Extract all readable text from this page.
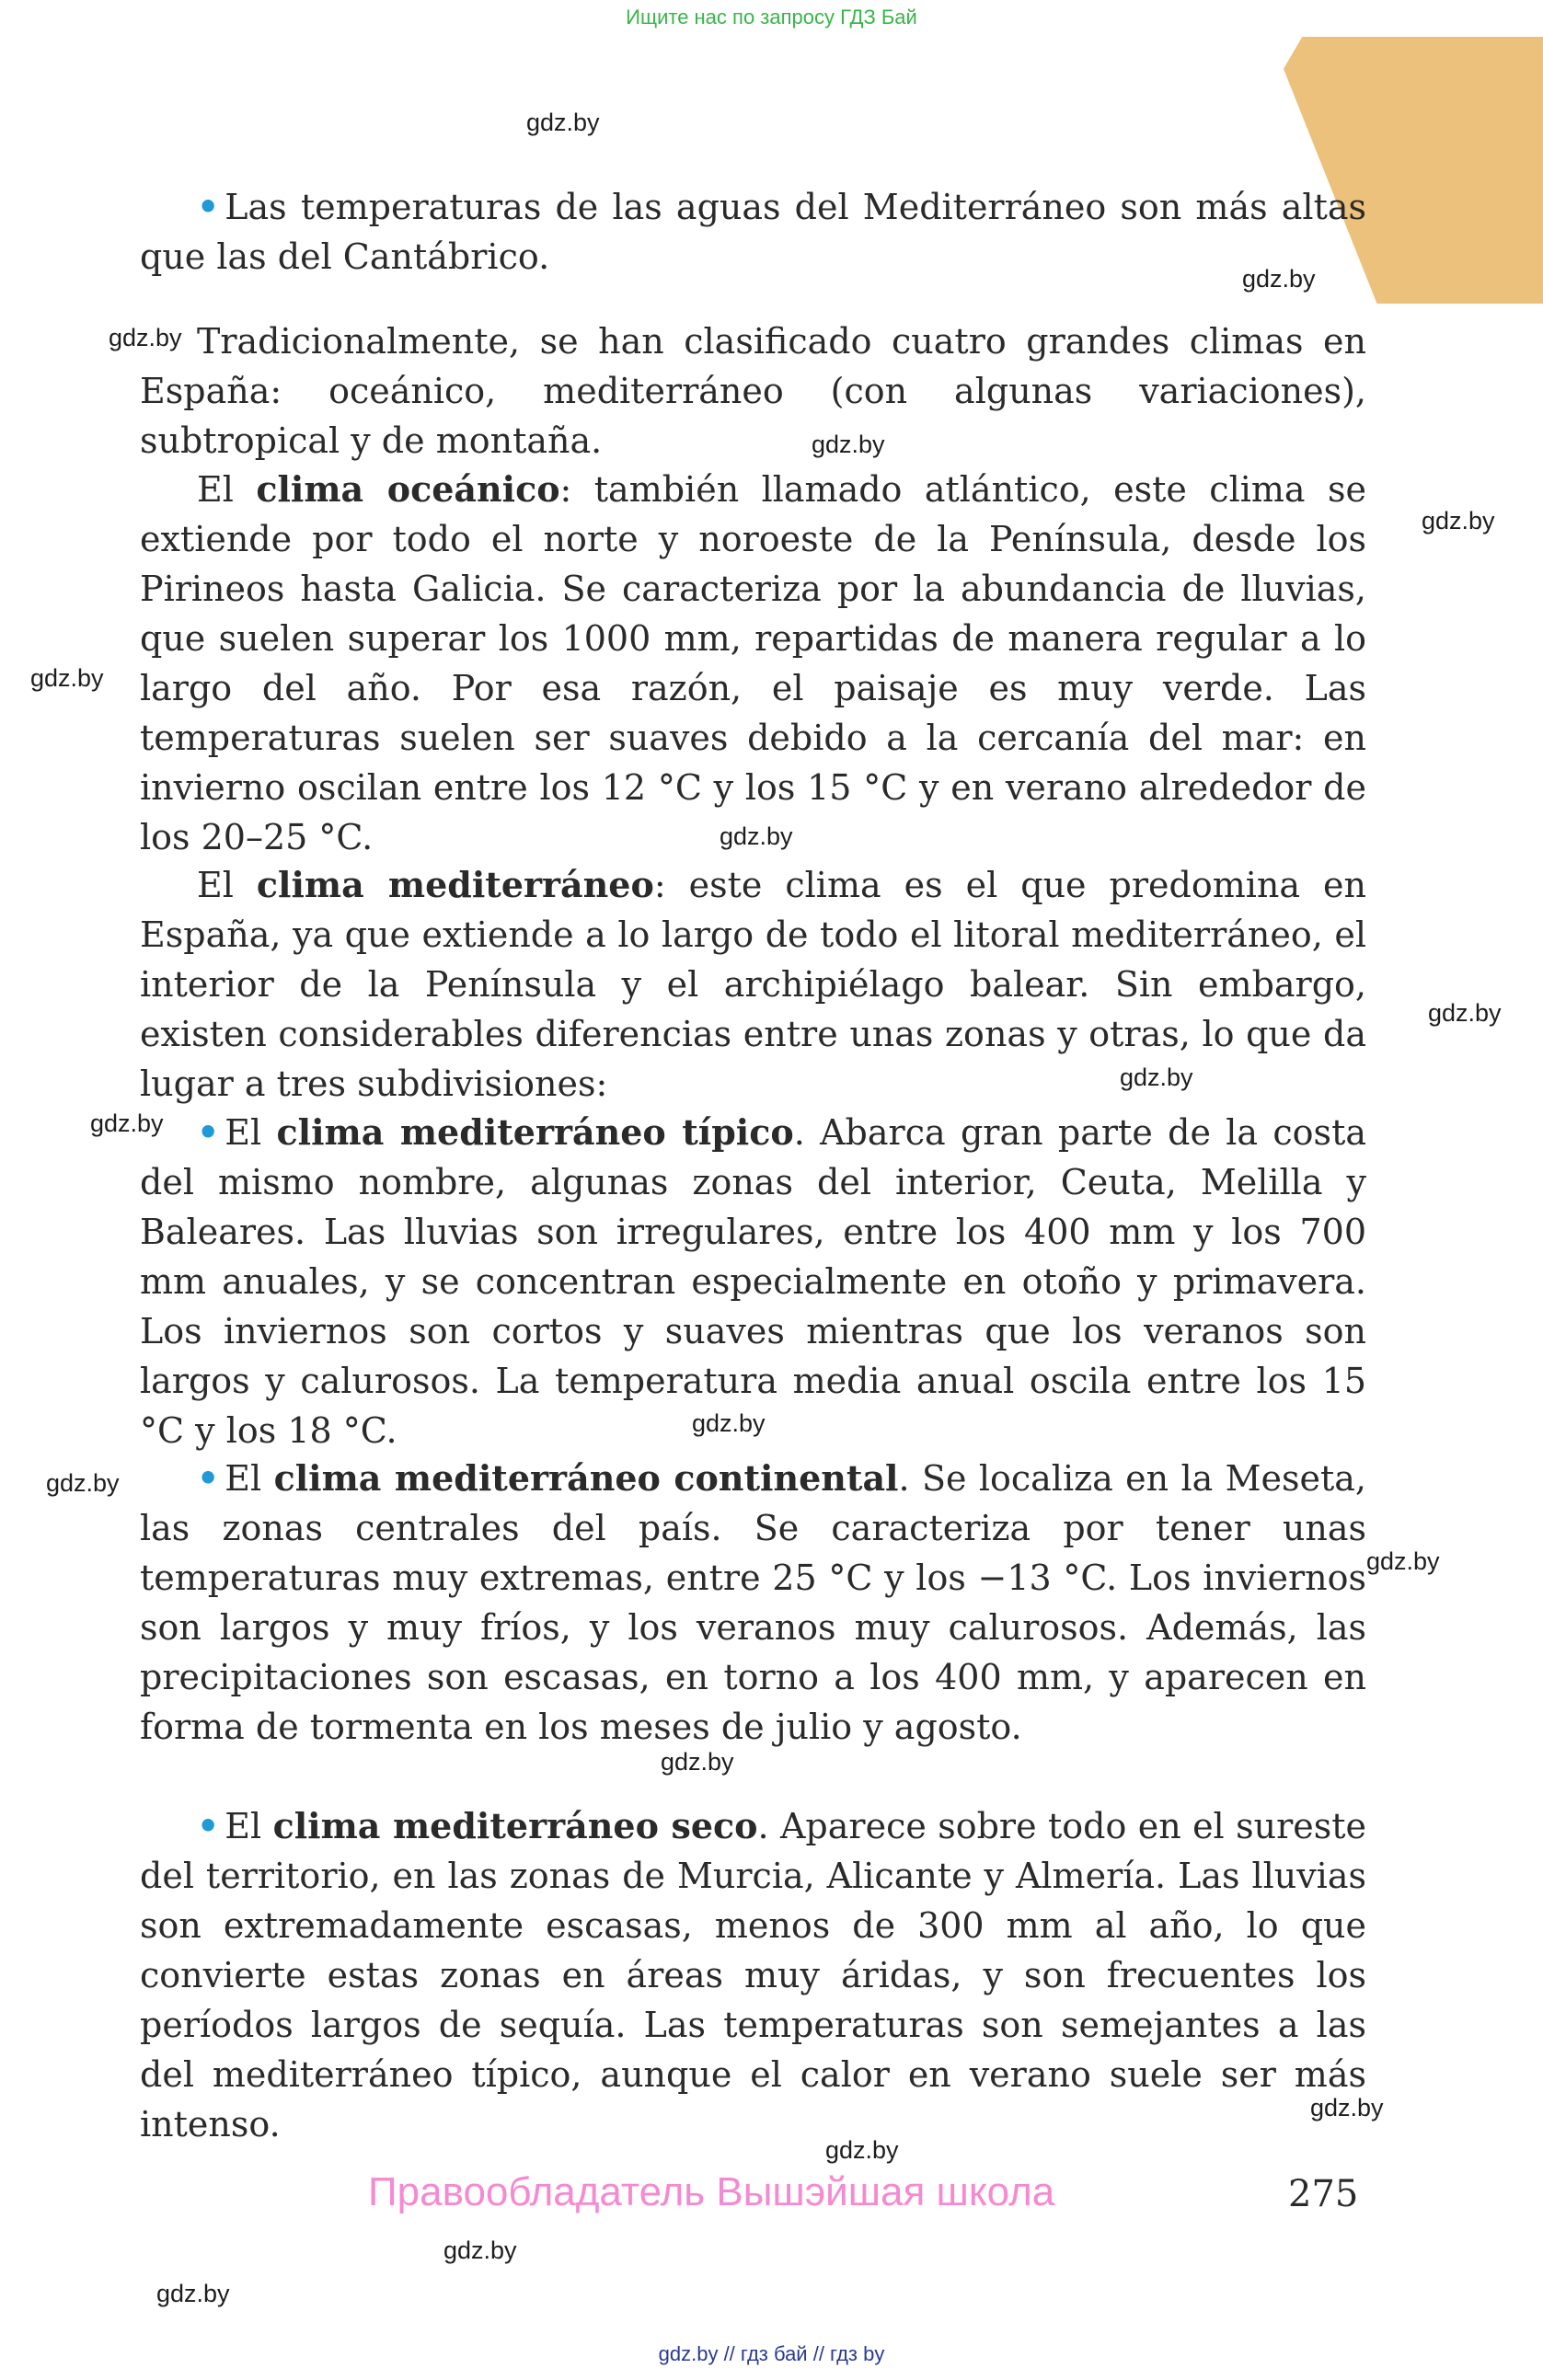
Ищите нас по запросу ГДЗ Бай
gdz.by
gdz.by
gdz.by
gdz.by
gdz.by
gdz.by
gdz.by
gdz.by
gdz.by
gdz.by
gdz.by
gdz.by
gdz.by
gdz.by
gdz.by
gdz.by
gdz.by
gdz.by

• Las temperaturas de las aguas del Mediterráneo son más altas que las del Cantábrico.

Tradicionalmente, se han clasificado cuatro grandes climas en España: oceánico, mediterráneo (con algunas variaciones), subtropical y de montaña.

El clima oceánico: también llamado atlántico, este clima se extiende por todo el norte y noroeste de la Península, desde los Pirineos hasta Galicia. Se caracteriza por la abundancia de lluvias, que suelen superar los 1000 mm, repartidas de manera regular a lo largo del año. Por esa razón, el paisaje es muy verde. Las temperaturas suelen ser suaves debido a la cercanía del mar: en invierno oscilan entre los 12 °C y los 15 °C y en verano alrededor de los 20–25 °C.

El clima mediterráneo: este clima es el que predomina en España, ya que extiende a lo largo de todo el litoral mediterráneo, el interior de la Península y el archipiélago balear. Sin embargo, existen considerables diferencias entre unas zonas y otras, lo que da lugar a tres subdivisiones:

• El clima mediterráneo típico. Abarca gran parte de la costa del mismo nombre, algunas zonas del interior, Ceuta, Melilla y Baleares. Las lluvias son irregulares, entre los 400 mm y los 700 mm anuales, y se concentran especialmente en otoño y primavera. Los inviernos son cortos y suaves mientras que los veranos son largos y calurosos. La temperatura media anual oscila entre los 15 °C y los 18 °C.

• El clima mediterráneo continental. Se localiza en la Meseta, las zonas centrales del país. Se caracteriza por tener unas temperaturas muy extremas, entre 25 °C y los −13 °C. Los inviernos son largos y muy fríos, y los veranos muy calurosos. Además, las precipitaciones son escasas, en torno a los 400 mm, y aparecen en forma de tormenta en los meses de julio y agosto.

• El clima mediterráneo seco. Aparece sobre todo en el sureste del territorio, en las zonas de Murcia, Alicante y Almería. Las lluvias son extremadamente escasas, menos de 300 mm al año, lo que convierte estas zonas en áreas muy áridas, y son frecuentes los períodos largos de sequía. Las temperaturas son semejantes a las del mediterráneo típico, aunque el calor en verano suele ser más intenso.

Правообладатель Вышэйшая школа	275
gdz.by // гдз бай // гдз by
